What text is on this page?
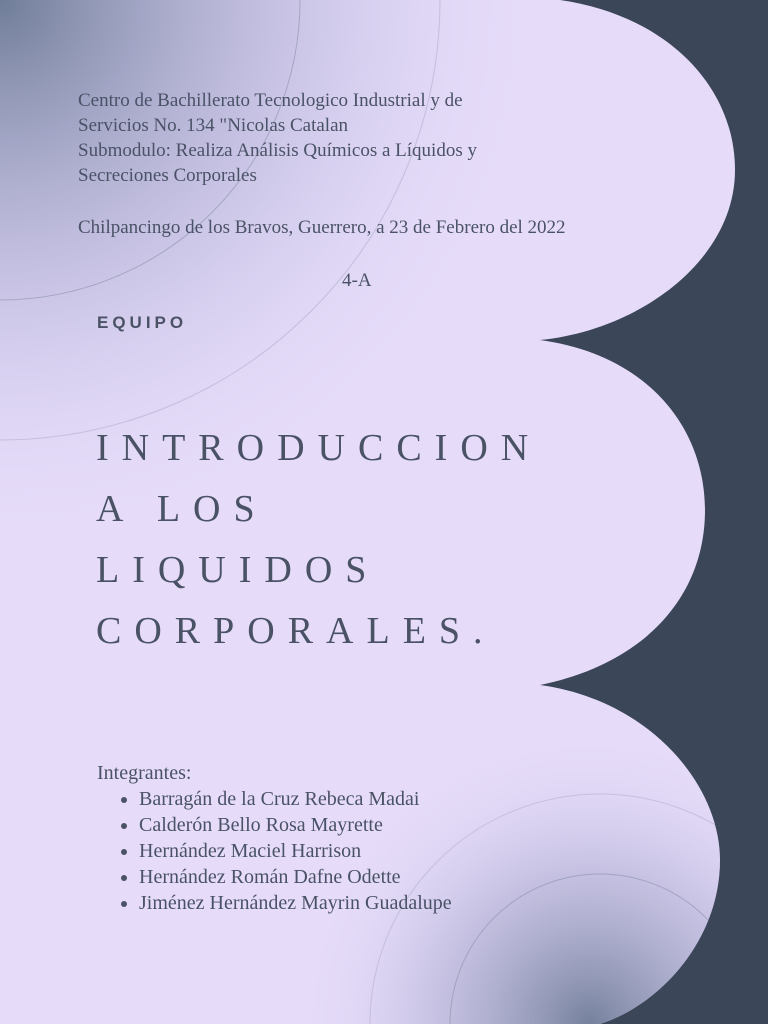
Centro de Bachillerato Tecnologico Industrial y de
Servicios No. 134 "Nicolas Catalan
Submodulo: Realiza Análisis Químicos a Líquidos y
Secreciones Corporales
Chilpancingo de los Bravos, Guerrero, a 23 de Febrero del 2022
4-A
EQUIPO
INTRODUCCION
A LOS
LIQUIDOS
CORPORALES.
Integrantes:
• Barragán de la Cruz Rebeca Madai
• Calderón Bello Rosa Mayrette
• Hernández Maciel Harrison
• Hernández Román Dafne Odette
• Jiménez Hernández Mayrin Guadalupe
